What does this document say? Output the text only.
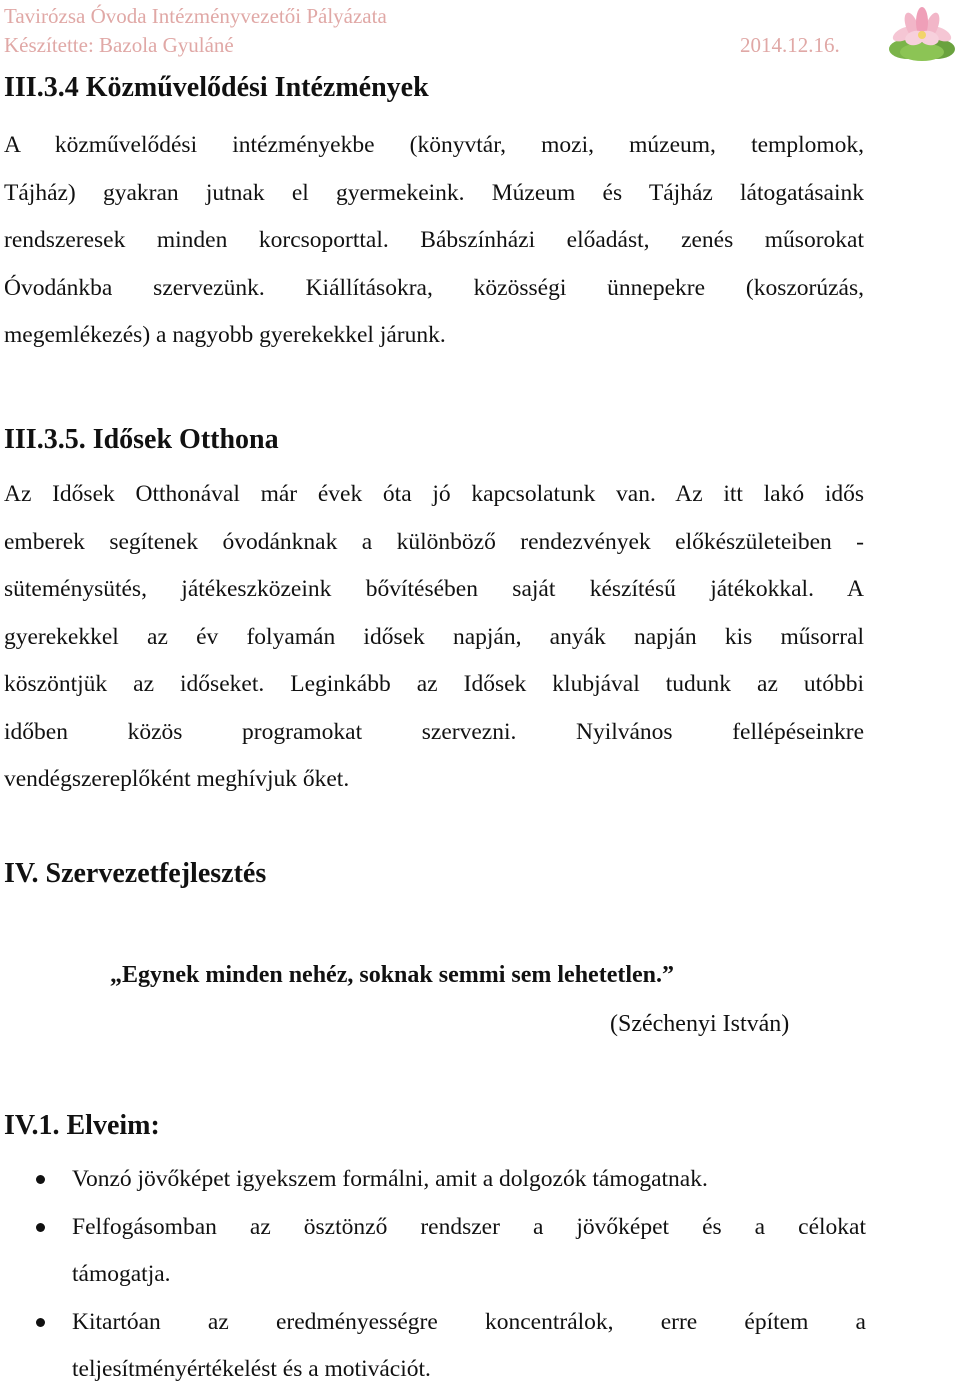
Tavirózsa Óvoda Intézményvezetői Pályázata
Készítette: Bazola Gyuláné	2014.12.16.
III.3.4 Közművelődési Intézmények
A közművelődési intézményekbe (könyvtár, mozi, múzeum, templomok,
Tájház) gyakran jutnak el gyermekeink. Múzeum és Tájház látogatásaink
rendszeresek minden korcsoporttal. Bábszínházi előadást, zenés műsorokat
Óvodánkba szervezünk. Kiállításokra, közösségi ünnepekre (koszorúzás,
megemlékezés) a nagyobb gyerekekkel járunk.
III.3.5. Idősek Otthona
Az Idősek Otthonával már évek óta jó kapcsolatunk van. Az itt lakó idős
emberek segítenek óvodánknak a különböző rendezvények előkészületeiben -
süteménysütés, játékeszközeink bővítésében saját készítésű játékokkal. A
gyerekekkel az év folyamán idősek napján, anyák napján kis műsorral
köszöntjük az időseket. Leginkább az Idősek klubjával tudunk az utóbbi
időben közös programokat szervezni. Nyilvános fellépéseinkre
vendégszereplőként meghívjuk őket.
IV. Szervezetfejlesztés
„Egynek minden nehéz, soknak semmi sem lehetetlen.”
(Széchenyi István)
IV.1. Elveim:
Vonzó jövőképet igyekszem formálni, amit a dolgozók támogatnak.
Felfogásomban az ösztönző rendszer a jövőképet és a célokat
támogatja.
Kitartóan az eredményességre koncentrálok, erre építem a
teljesítményértékelést és a motivációt.
